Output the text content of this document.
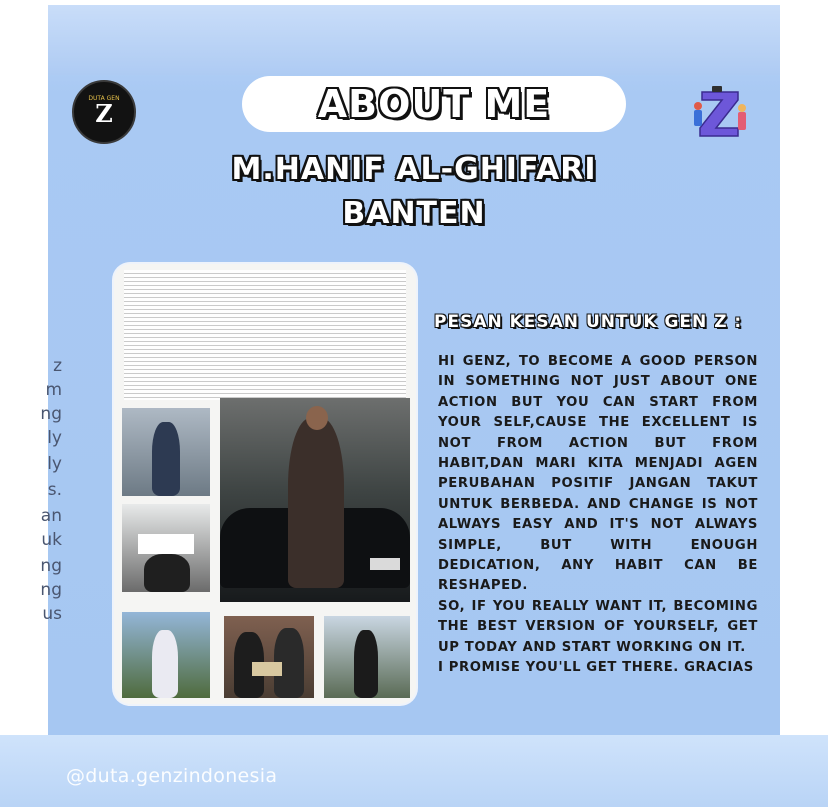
z
m
ng
ly
ly
s.
an
uk
ng
ng
us
DUTA GEN
Z	ABOUT ME
M.HANIF AL-GHIFARI
BANTEN
PESAN KESAN UNTUK GEN Z :

HI GENZ, TO BECOME A GOOD PERSON IN SOMETHING NOT JUST ABOUT ONE ACTION BUT YOU CAN START FROM YOUR SELF,CAUSE THE EXCELLENT IS NOT FROM ACTION BUT FROM HABIT,DAN MARI KITA MENJADI AGEN PERUBAHAN POSITIF JANGAN TAKUT UNTUK BERBEDA. AND CHANGE IS NOT ALWAYS EASY AND IT'S NOT ALWAYS SIMPLE, BUT WITH ENOUGH DEDICATION, ANY HABIT CAN BE RESHAPED.

SO, IF YOU REALLY WANT IT, BECOMING THE BEST VERSION OF YOURSELF, GET UP TODAY AND START WORKING ON IT.

I PROMISE YOU'LL GET THERE. GRACIAS

@duta.genzindonesia
